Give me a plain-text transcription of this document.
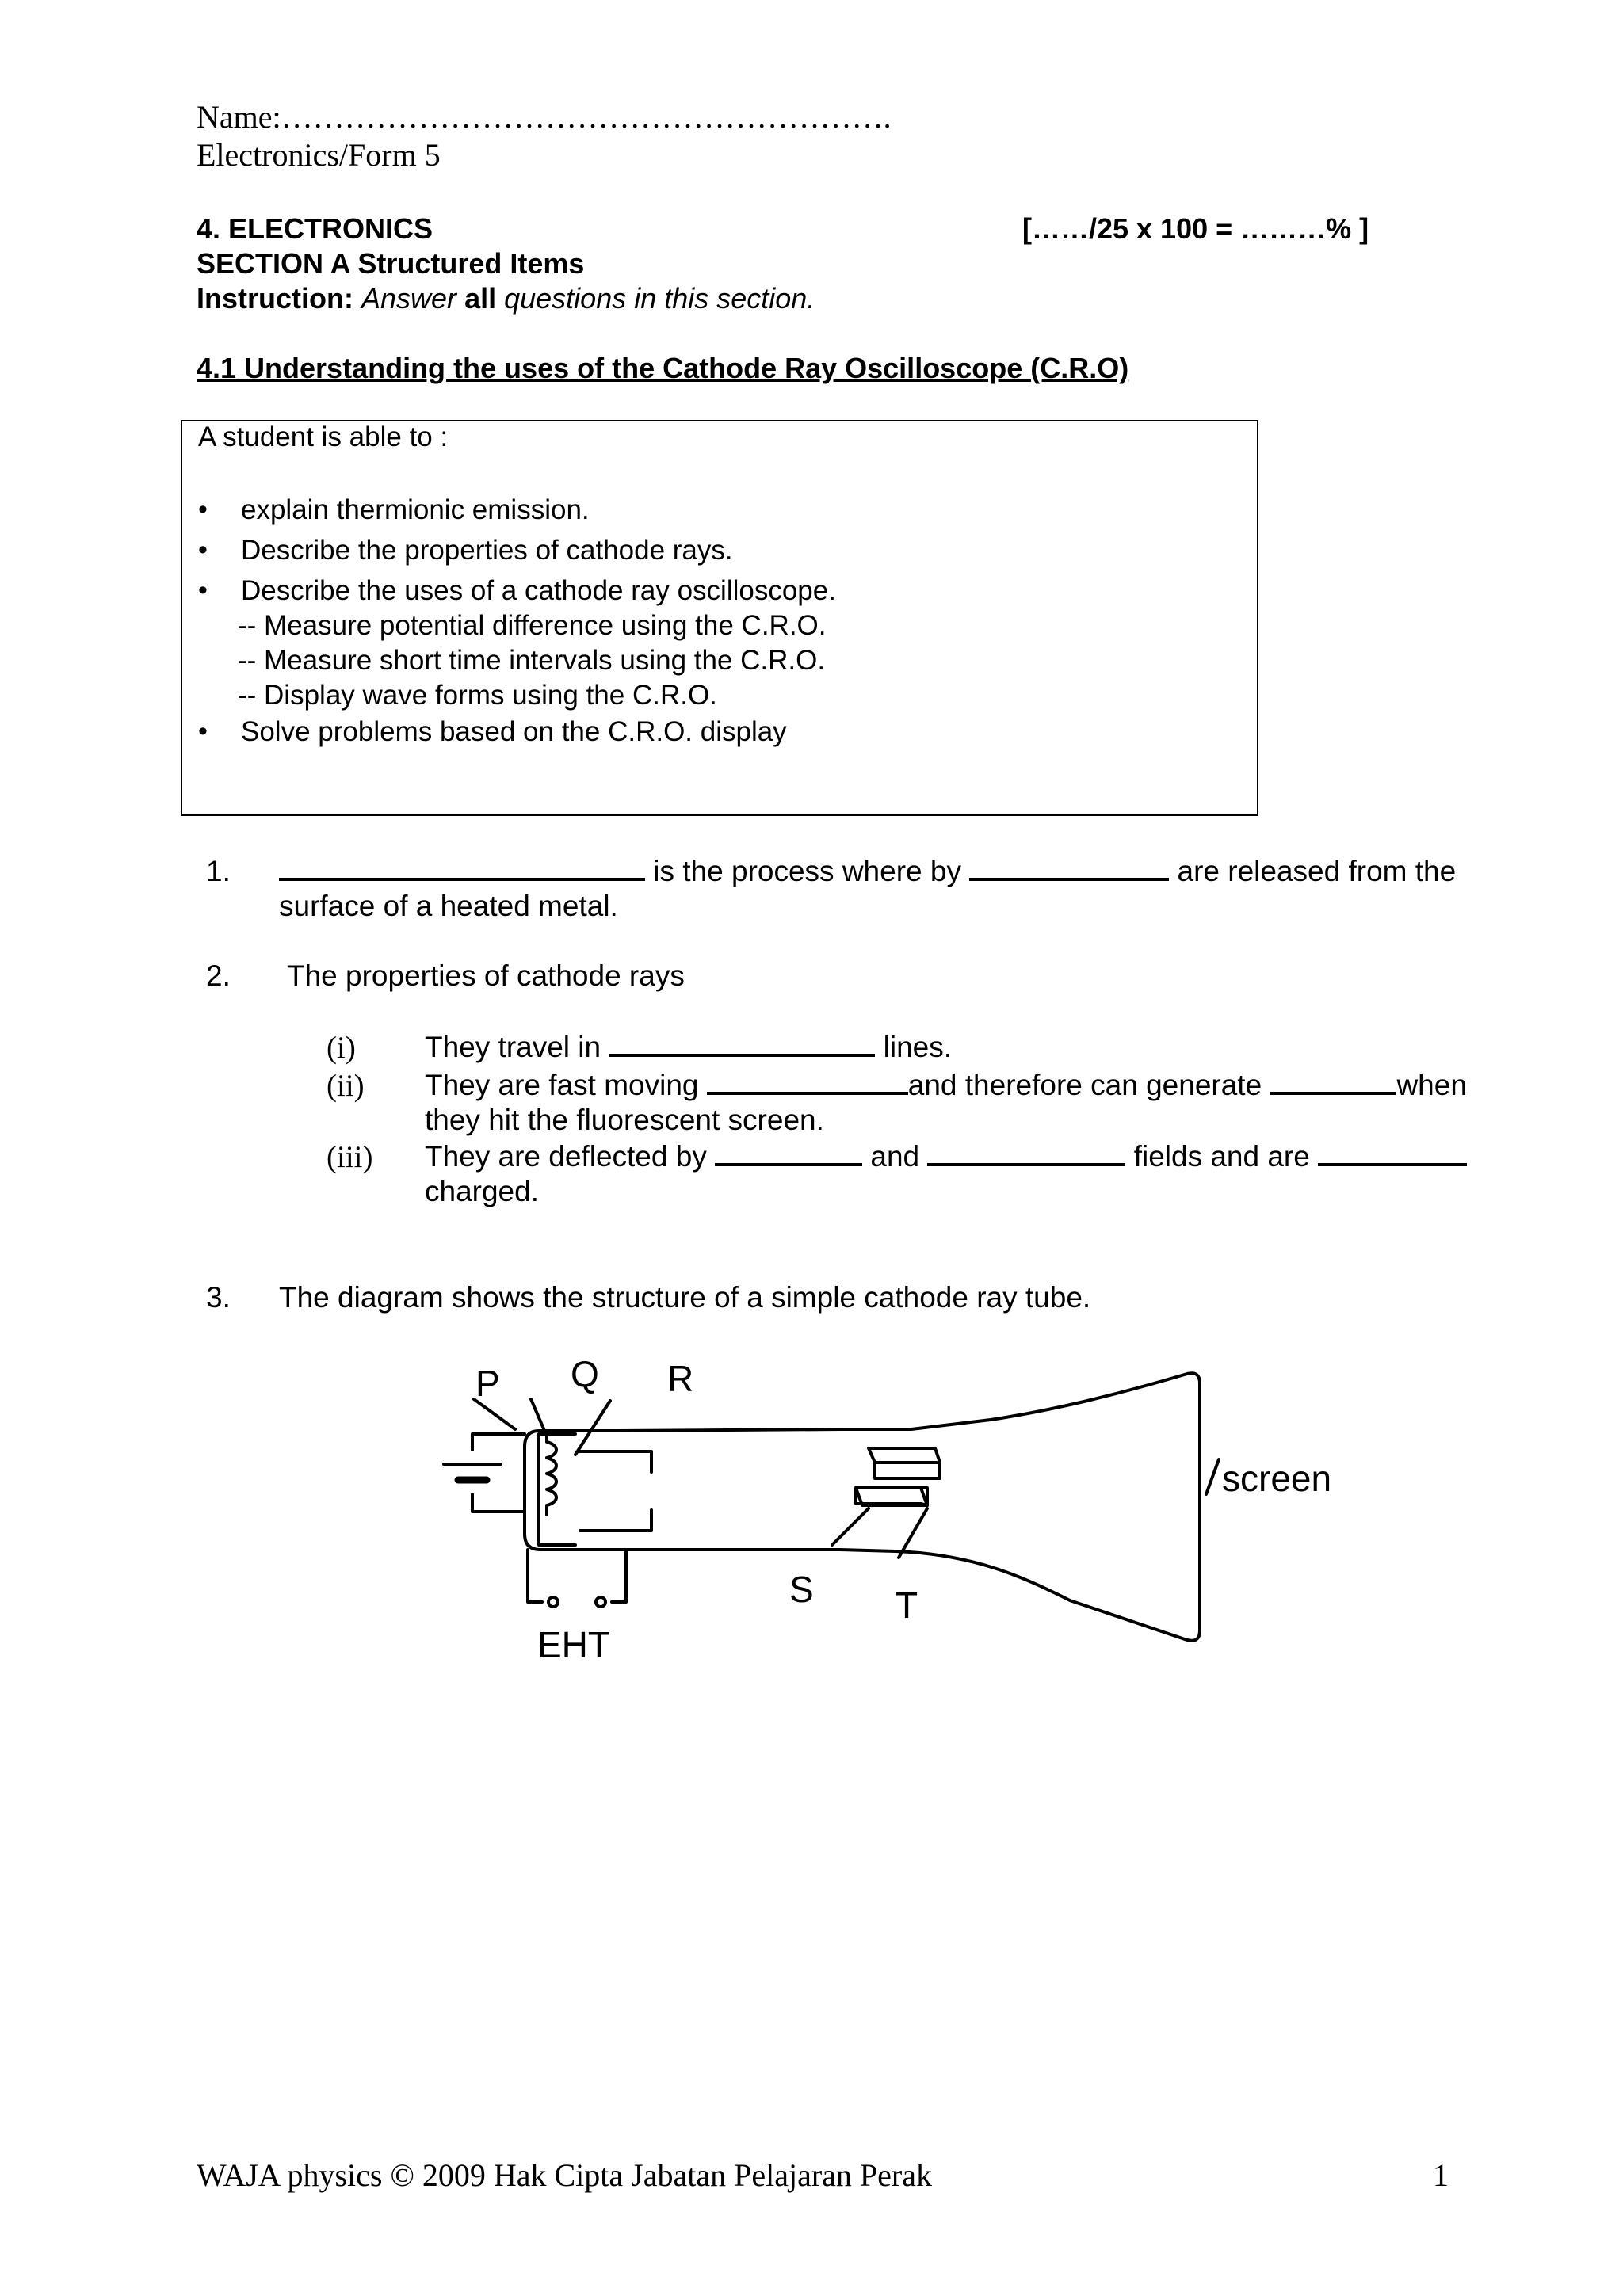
Name:………………………………………………….
Electronics/Form 5
4. ELECTRONICS	[……/25 x 100 = ………% ]
SECTION A Structured Items
Instruction: Answer all questions in this section.
4.1 Understanding the uses of the Cathode Ray Oscilloscope (C.R.O)
A student is able to :
• explain thermionic emission.
• Describe the properties of cathode rays.
• Describe the uses of a cathode ray oscilloscope.
-- Measure potential difference using the C.R.O.
-- Measure short time intervals using the C.R.O.
-- Display wave forms using the C.R.O.
• Solve problems based on the C.R.O. display
1.	is the process where by	are released from the
surface of a heated metal.
2. The properties of cathode rays
(i) They travel in	lines.
(ii) They are fast moving	and therefore can generate	when
they hit the fluorescent screen.
(iii) They are deflected by	and	fields and are
charged.
3. The diagram shows the structure of a simple cathode ray tube.
P Q R
S T
EHT
screen
WAJA physics © 2009 Hak Cipta Jabatan Pelajaran Perak	1
